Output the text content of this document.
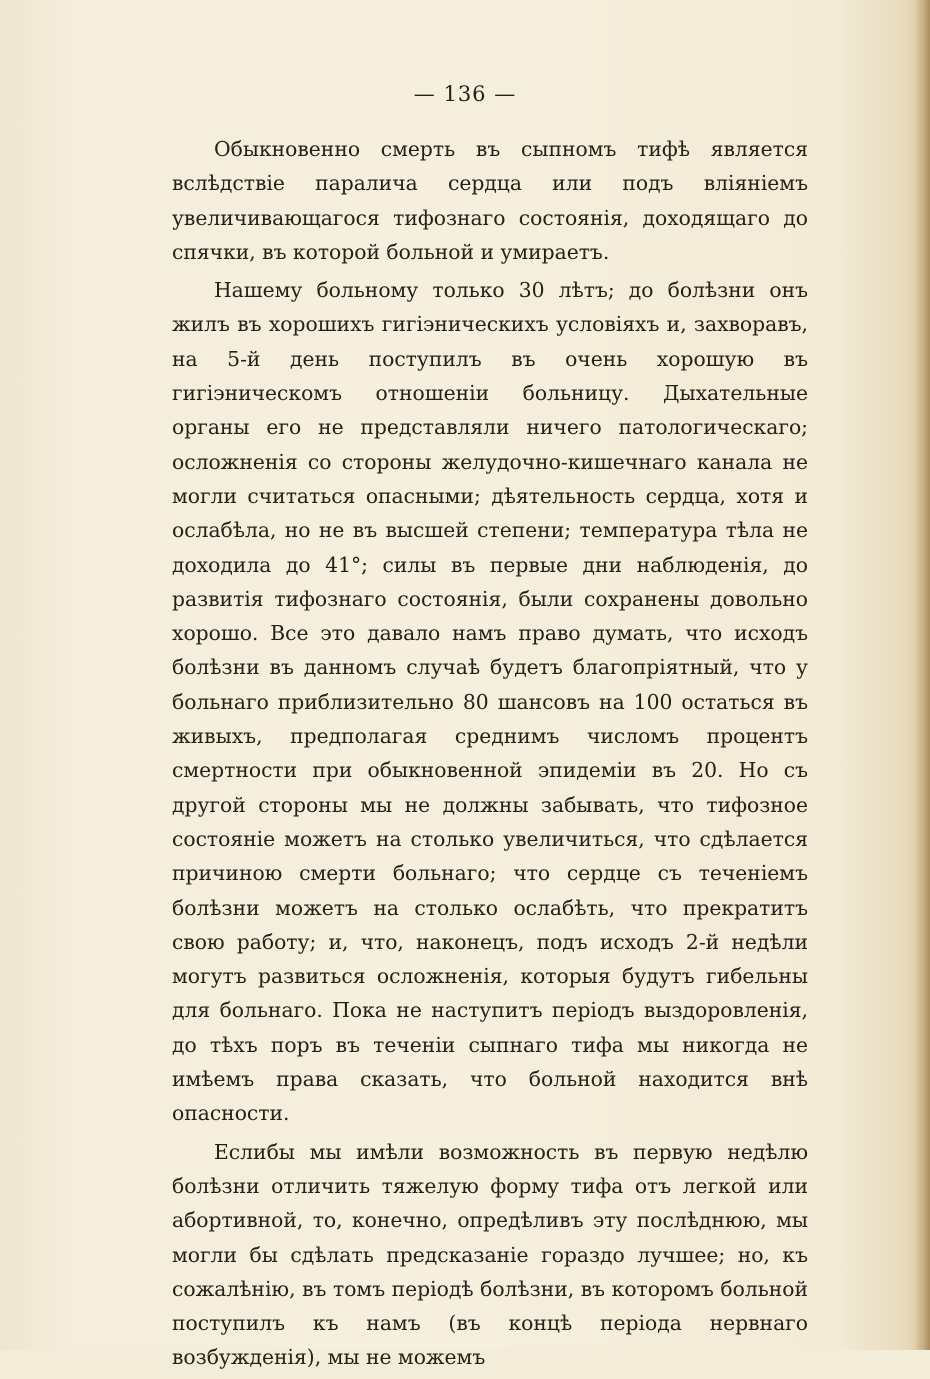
— 136 —

Обыкновенно смерть въ сыпномъ тифѣ является вслѣдствіе паралича сердца или подъ вліяніемъ увеличивающагося тифознаго состоянія, доходящаго до спячки, въ которой больной и умираетъ.

Нашему больному только 30 лѣтъ; до болѣзни онъ жилъ въ хорошихъ гигіэническихъ условіяхъ и, захворавъ, на 5-й день поступилъ въ очень хорошую въ гигіэническомъ отношеніи больницу. Дыхательные органы его не представляли ничего патологическаго; осложненія со стороны желудочно-кишечнаго канала не могли считаться опасными; дѣятельность сердца, хотя и ослабѣла, но не въ высшей степени; температура тѣла не доходила до 41°; силы въ первые дни наблюденія, до развитія тифознаго состоянія, были сохранены довольно хорошо. Все это давало намъ право думать, что исходъ болѣзни въ данномъ случаѣ будетъ благопріятный, что у больнаго приблизительно 80 шансовъ на 100 остаться въ живыхъ, предполагая среднимъ числомъ процентъ смертности при обыкновенной эпидеміи въ 20. Но съ другой стороны мы не должны забывать, что тифозное состояніе можетъ на столько увеличиться, что сдѣлается причиною смерти больнаго; что сердце съ теченіемъ болѣзни можетъ на столько ослабѣть, что прекратитъ свою работу; и, что, наконецъ, подъ исходъ 2-й недѣли могутъ развиться осложненія, которыя будутъ гибельны для больнаго. Пока не наступитъ періодъ выздоровленія, до тѣхъ поръ въ теченіи сыпнаго тифа мы никогда не имѣемъ права сказать, что больной находится внѣ опасности.

Еслибы мы имѣли возможность въ первую недѣлю болѣзни отличить тяжелую форму тифа отъ легкой или абортивной, то, конечно, опредѣливъ эту послѣднюю, мы могли бы сдѣлать предсказаніе гораздо лучшее; но, къ сожалѣнію, въ томъ періодѣ болѣзни, въ которомъ больной поступилъ къ намъ (въ концѣ періода нервнаго возбужденія), мы не можемъ
